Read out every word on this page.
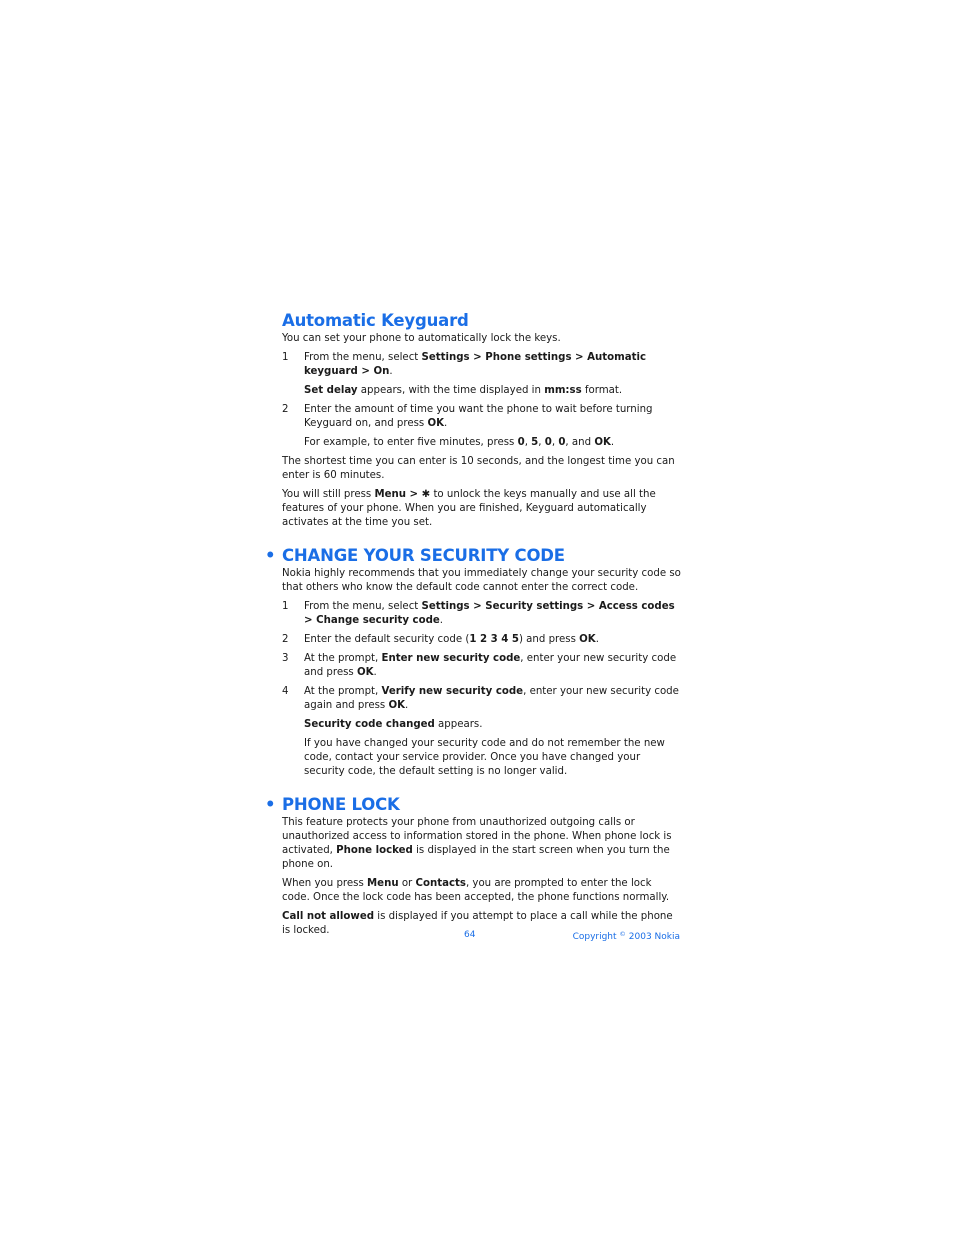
Automatic Keyguard

You can set your phone to automatically lock the keys.

1 From the menu, select Settings > Phone settings > Automatic keyguard > On.

Set delay appears, with the time displayed in mm:ss format.

2 Enter the amount of time you want the phone to wait before turning Keyguard on, and press OK.

For example, to enter five minutes, press 0, 5, 0, 0, and OK.

The shortest time you can enter is 10 seconds, and the longest time you can enter is 60 minutes.

You will still press Menu > ✱ to unlock the keys manually and use all the features of your phone. When you are finished, Keyguard automatically activates at the time you set.

• CHANGE YOUR SECURITY CODE

Nokia highly recommends that you immediately change your security code so that others who know the default code cannot enter the correct code.

1 From the menu, select Settings > Security settings > Access codes > Change security code.
2 Enter the default security code (1 2 3 4 5) and press OK.
3 At the prompt, Enter new security code, enter your new security code and press OK.
4 At the prompt, Verify new security code, enter your new security code again and press OK.

Security code changed appears.

If you have changed your security code and do not remember the new code, contact your service provider. Once you have changed your security code, the default setting is no longer valid.

• PHONE LOCK

This feature protects your phone from unauthorized outgoing calls or unauthorized access to information stored in the phone. When phone lock is activated, Phone locked is displayed in the start screen when you turn the phone on.

When you press Menu or Contacts, you are prompted to enter the lock code. Once the lock code has been accepted, the phone functions normally.

Call not allowed is displayed if you attempt to place a call while the phone is locked.	64	Copyright © 2003 Nokia
